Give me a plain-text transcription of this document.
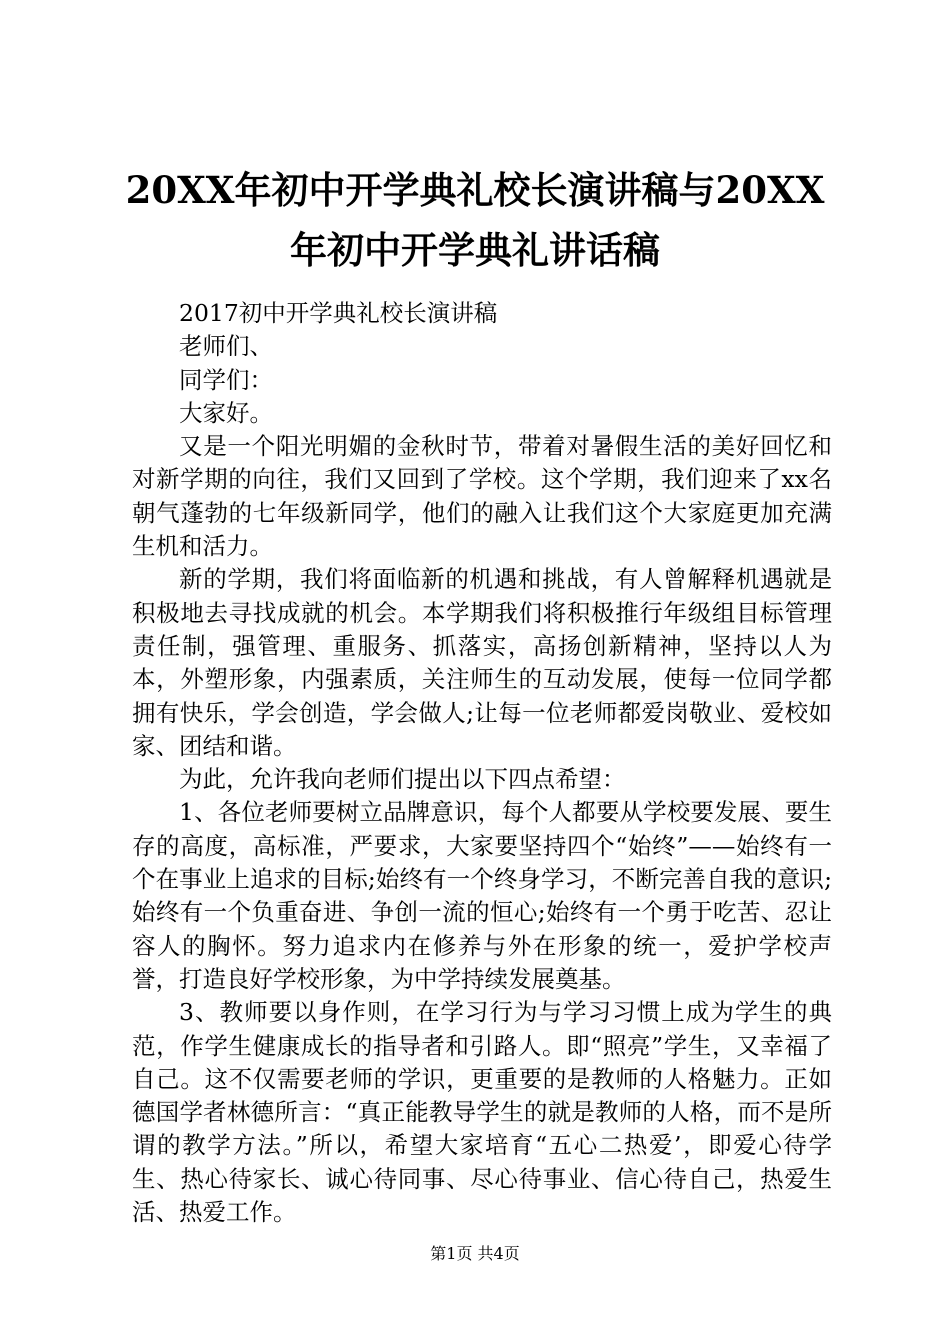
20XX年初中开学典礼校长演讲稿与20XX年初中开学典礼讲话稿

2017初中开学典礼校长演讲稿

老师们、

同学们：

大家好。

又是一个阳光明媚的金秋时节，带着对暑假生活的美好回忆和对新学期的向往，我们又回到了学校。这个学期，我们迎来了xx名朝气蓬勃的七年级新同学，他们的融入让我们这个大家庭更加充满生机和活力。

新的学期，我们将面临新的机遇和挑战，有人曾解释机遇就是积极地去寻找成就的机会。本学期我们将积极推行年级组目标管理责任制，强管理、重服务、抓落实，高扬创新精神，坚持以人为本，外塑形象，内强素质，关注师生的互动发展，使每一位同学都拥有快乐，学会创造，学会做人;让每一位老师都爱岗敬业、爱校如家、团结和谐。

为此，允许我向老师们提出以下四点希望：

1、各位老师要树立品牌意识，每个人都要从学校要发展、要生存的高度，高标准，严要求，大家要坚持四个“始终”——始终有一个在事业上追求的目标;始终有一个终身学习，不断完善自我的意识;始终有一个负重奋进、争创一流的恒心;始终有一个勇于吃苦、忍让容人的胸怀。努力追求内在修养与外在形象的统一，爱护学校声誉，打造良好学校形象，为中学持续发展奠基。

3、教师要以身作则，在学习行为与学习习惯上成为学生的典范，作学生健康成长的指导者和引路人。即“照亮”学生，又幸福了自己。这不仅需要老师的学识，更重要的是教师的人格魅力。正如德国学者林德所言：“真正能教导学生的就是教师的人格，而不是所谓的教学方法。”所以，希望大家培育“五心二热爱’，即爱心待学生、热心待家长、诚心待同事、尽心待事业、信心待自己，热爱生活、热爱工作。

第1页 共4页
